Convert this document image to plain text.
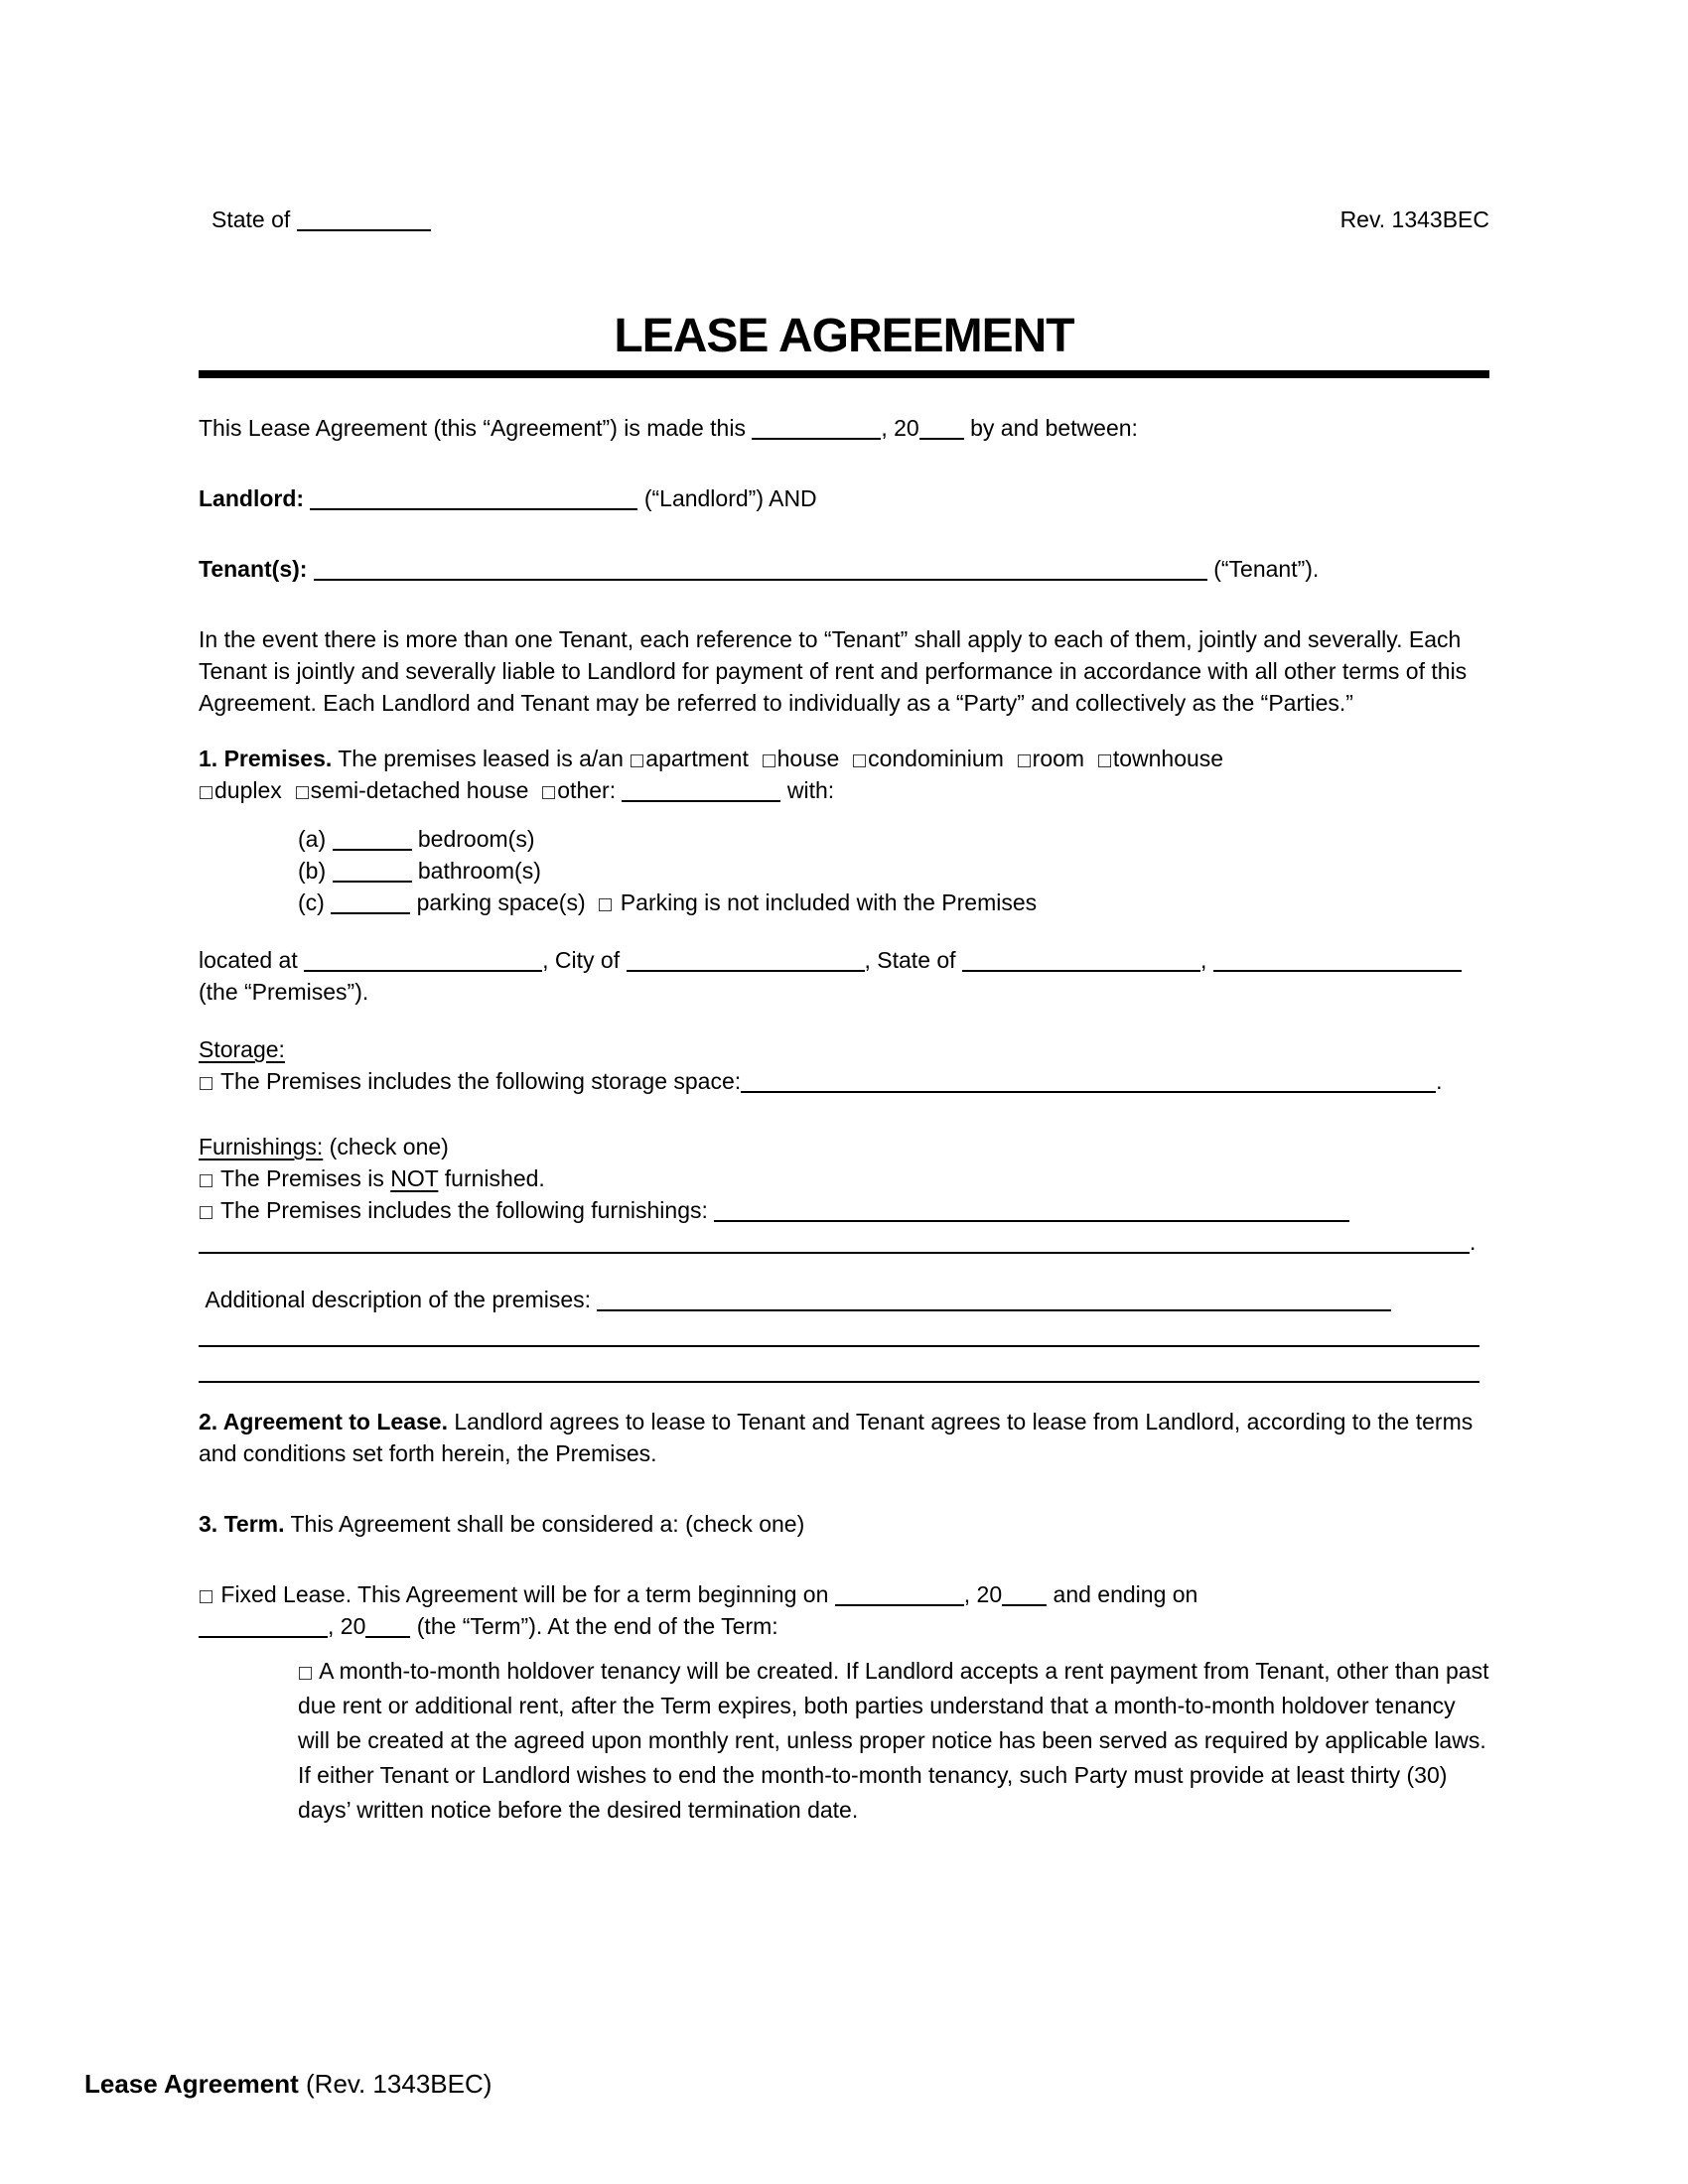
State of	Rev. 1343BEC
LEASE AGREEMENT

This Lease Agreement (this “Agreement”) is made this	, 20 by and between:

Landlord:	(“Landlord”) AND

Tenant(s):	(“Tenant”).

In the event there is more than one Tenant, each reference to “Tenant” shall apply to each of them, jointly and severally. Each Tenant is jointly and severally liable to Landlord for payment of rent and performance in accordance with all other terms of this Agreement. Each Landlord and Tenant may be referred to individually as a “Party” and collectively as the “Parties.”

1. Premises. The premises leased is a/an apartment  house  condominium  room  townhouse
duplex  semi-detached house  other:	with:

(a)	bedroom(s)
(b)	bathroom(s)
(c)	parking space(s)   Parking is not included with the Premises

located at	, City of	, State of	,
(the “Premises”).

Storage:
The Premises includes the following storage space:	.

Furnishings: (check one)
The Premises is NOT furnished.
The Premises includes the following furnishings:
.

Additional description of the premises:

2. Agreement to Lease. Landlord agrees to lease to Tenant and Tenant agrees to lease from Landlord, according to the terms and conditions set forth herein, the Premises.

3. Term. This Agreement shall be considered a: (check one)

Fixed Lease. This Agreement will be for a term beginning on	, 20 and ending on
, 20 (the “Term”). At the end of the Term:

A month-to-month holdover tenancy will be created. If Landlord accepts a rent payment from Tenant, other than past due rent or additional rent, after the Term expires, both parties understand that a month-to-month holdover tenancy will be created at the agreed upon monthly rent, unless proper notice has been served as required by applicable laws. If either Tenant or Landlord wishes to end the month-to-month tenancy, such Party must provide at least thirty (30) days’ written notice before the desired termination date.

Lease Agreement (Rev. 1343BEC)
